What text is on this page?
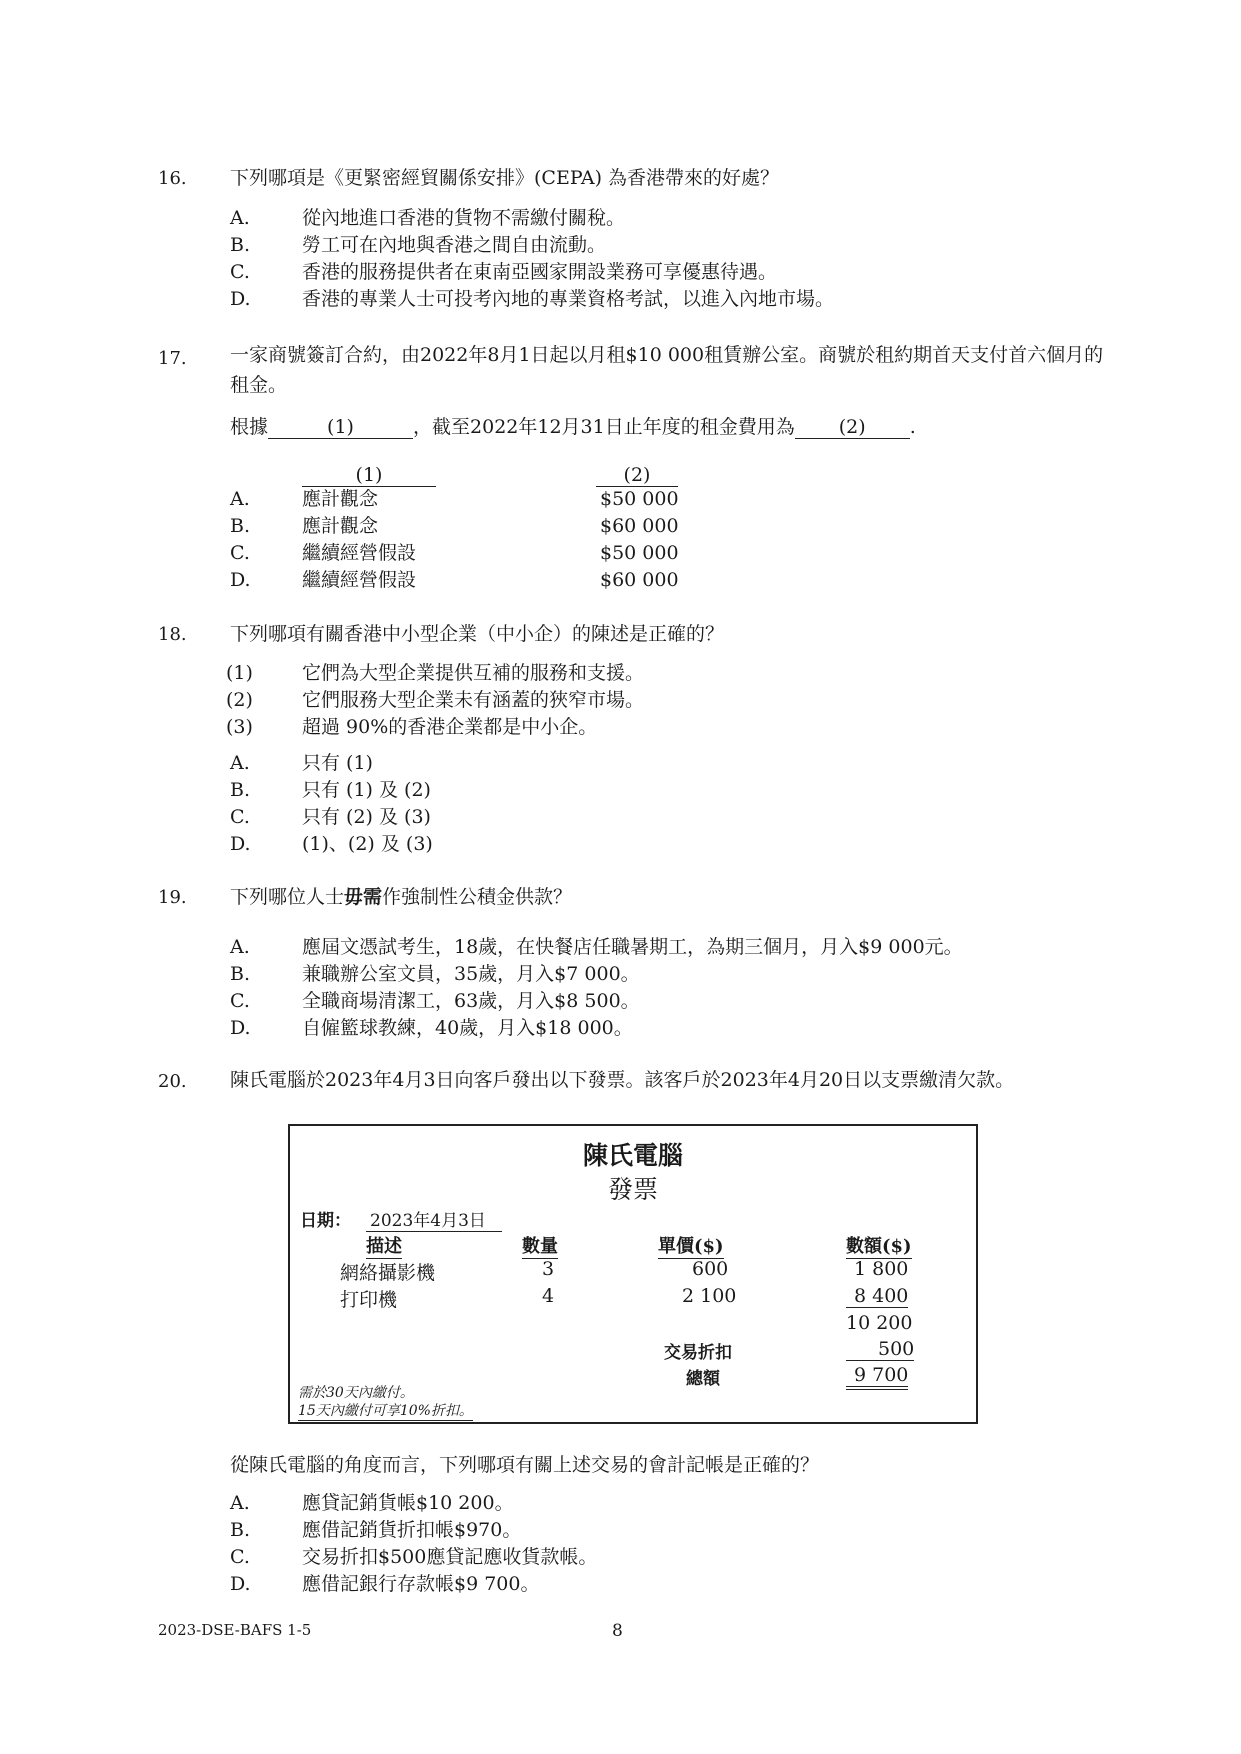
16. 下列哪項是《更緊密經貿關係安排》(CEPA) 為香港帶來的好處？
A.	從內地進口香港的貨物不需繳付關稅。
B.	勞工可在內地與香港之間自由流動。
C.	香港的服務提供者在東南亞國家開設業務可享優惠待遇。
D.	香港的專業人士可投考內地的專業資格考試，以進入內地市場。
17. 一家商號簽訂合約，由2022年8月1日起以月租$10 000租賃辦公室。商號於租約期首天支付首六個月的租金。
根據	(1)	，截至2022年12月31日止年度的租金費用為 (2) .
(1)	(2)
A.	應計觀念	$50 000
B.	應計觀念	$60 000
C.	繼續經營假設	$50 000
D.	繼續經營假設	$60 000
18. 下列哪項有關香港中小型企業（中小企）的陳述是正確的？
(1)	它們為大型企業提供互補的服務和支援。
(2)	它們服務大型企業未有涵蓋的狹窄市場。
(3)	超過 90%的香港企業都是中小企。
A.	只有 (1)
B.	只有 (1) 及 (2)
C.	只有 (2) 及 (3)
D.	(1)、(2) 及 (3)
19. 下列哪位人士毋需作強制性公積金供款？
A.	應屆文憑試考生，18歲，在快餐店任職暑期工，為期三個月，月入$9 000元。
B.	兼職辦公室文員，35歲，月入$7 000。
C.	全職商場清潔工，63歲，月入$8 500。
D.	自僱籃球教練，40歲，月入$18 000。
20. 陳氏電腦於2023年4月3日向客戶發出以下發票。該客戶於2023年4月20日以支票繳清欠款。
陳氏電腦
發票
日期： 2023年4月3日
描述	數量	單價($)	數額($)
網絡攝影機	3	600	1 800
打印機	4	2 100	8 400
10 200
交易折扣	500
總額	9 700
需於30天內繳付。
15天內繳付可享10%折扣。
從陳氏電腦的角度而言，下列哪項有關上述交易的會計記帳是正確的？
A.	應貸記銷貨帳$10 200。
B.	應借記銷貨折扣帳$970。
C.	交易折扣$500應貸記應收貨款帳。
D.	應借記銀行存款帳$9 700。
2023-DSE-BAFS 1-5	8
